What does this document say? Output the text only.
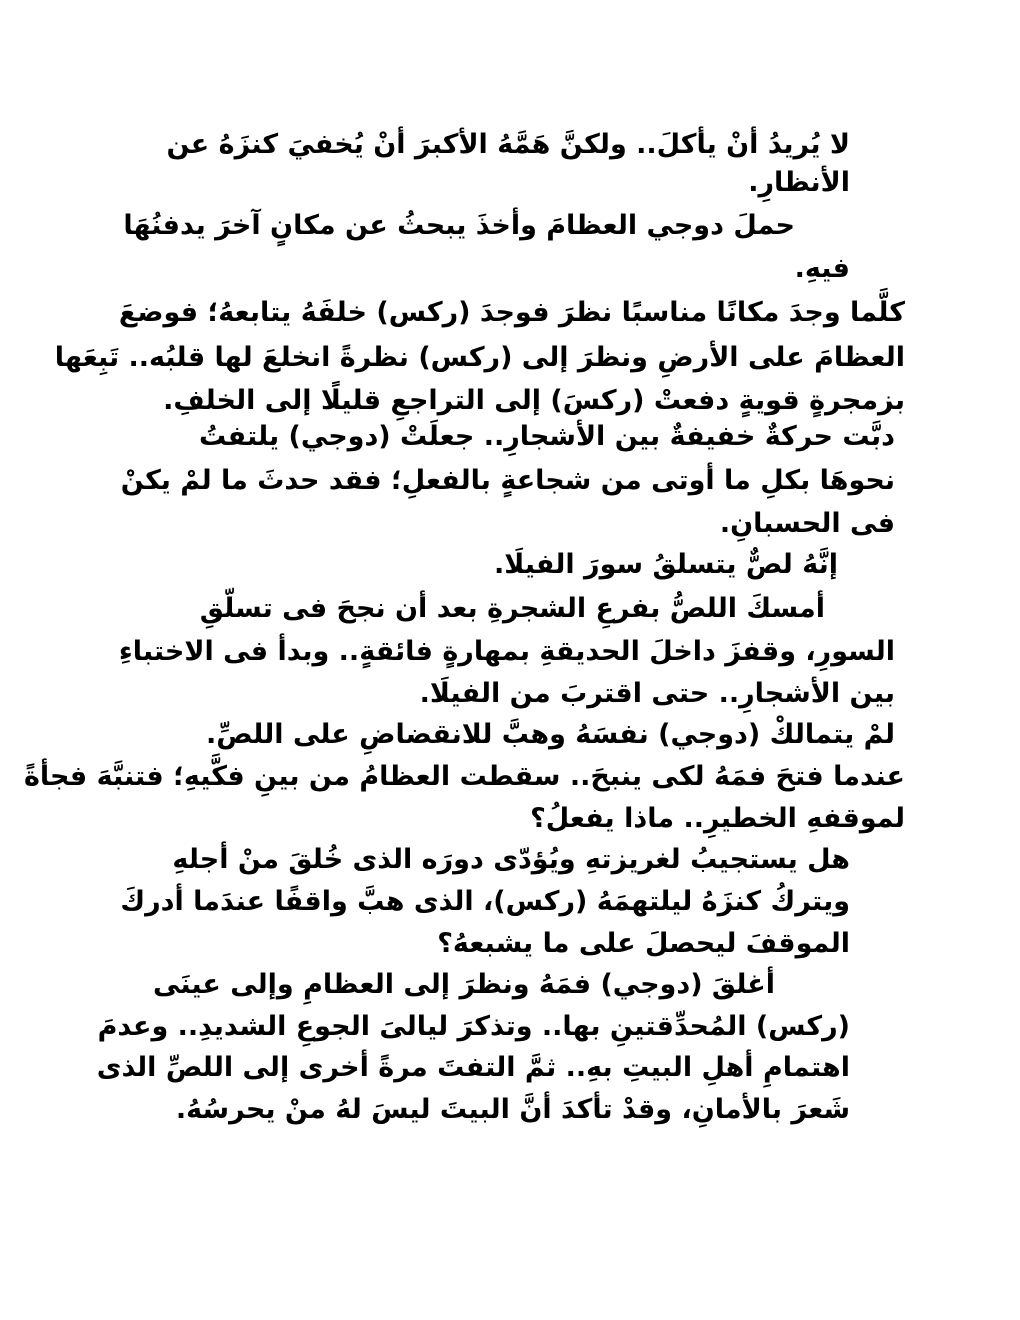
لا يُريدُ أنْ يأكلَ.. ولكنَّ هَمَّهُ الأكبرَ أنْ يُخفيَ كنزَهُ عن
الأنظارِ.
حملَ دوجي العظامَ وأخذَ يبحثُ عن مكانٍ آخرَ يدفنُهَا
فيهِ.
كلَّما وجدَ مكانًا مناسبًا نظرَ فوجدَ (ركس) خلفَهُ يتابعهُ؛ فوضعَ
العظامَ على الأرضِ ونظرَ إلى (ركس) نظرةً انخلعَ لها قلبُه.. تَبِعَها
بزمجرةٍ قويةٍ دفعتْ (ركسَ) إلى التراجعِ قليلًا إلى الخلفِ.
دبَّت حركةٌ خفيفةٌ بين الأشجارِ.. جعلَتْ (دوجي) يلتفتُ
نحوهَا بكلِ ما أوتى من شجاعةٍ بالفعلِ؛ فقد حدثَ ما لمْ يكنْ
فى الحسبانِ.
إنَّهُ لصٌّ يتسلقُ سورَ الفيلَا.
أمسكَ اللصُّ بفرعِ الشجرةِ بعد أن نجحَ فى تسلّقِ
السورِ، وقفزَ داخلَ الحديقةِ بمهارةٍ فائقةٍ.. وبدأ فى الاختباءِ
بين الأشجارِ.. حتى اقتربَ من الفيلَا.
لمْ يتمالكْ (دوجي) نفسَهُ وهبَّ للانقضاضِ على اللصِّ.
عندما فتحَ فمَهُ لكى ينبحَ.. سقطت العظامُ من بينِ فكَّيهِ؛ فتنبَّهَ فجأةً
لموقفهِ الخطيرِ.. ماذا يفعلُ؟
هل يستجيبُ لغريزتهِ ويُؤدّى دورَه الذى خُلقَ منْ أجلهِ
ويتركُ كنزَهُ ليلتهمَهُ (ركس)، الذى هبَّ واقفًا عندَما أدركَ
الموقفَ ليحصلَ على ما يشبعهُ؟
أغلقَ (دوجي) فمَهُ ونظرَ إلى العظامِ وإلى عينَى
(ركس) المُحدِّقتينِ بها.. وتذكرَ ليالىَ الجوعِ الشديدِ.. وعدمَ
اهتمامِ أهلِ البيتِ بهِ.. ثمَّ التفتَ مرةً أخرى إلى اللصِّ الذى
شَعرَ بالأمانِ، وقدْ تأكدَ أنَّ البيتَ ليسَ لهُ منْ يحرسُهُ.
